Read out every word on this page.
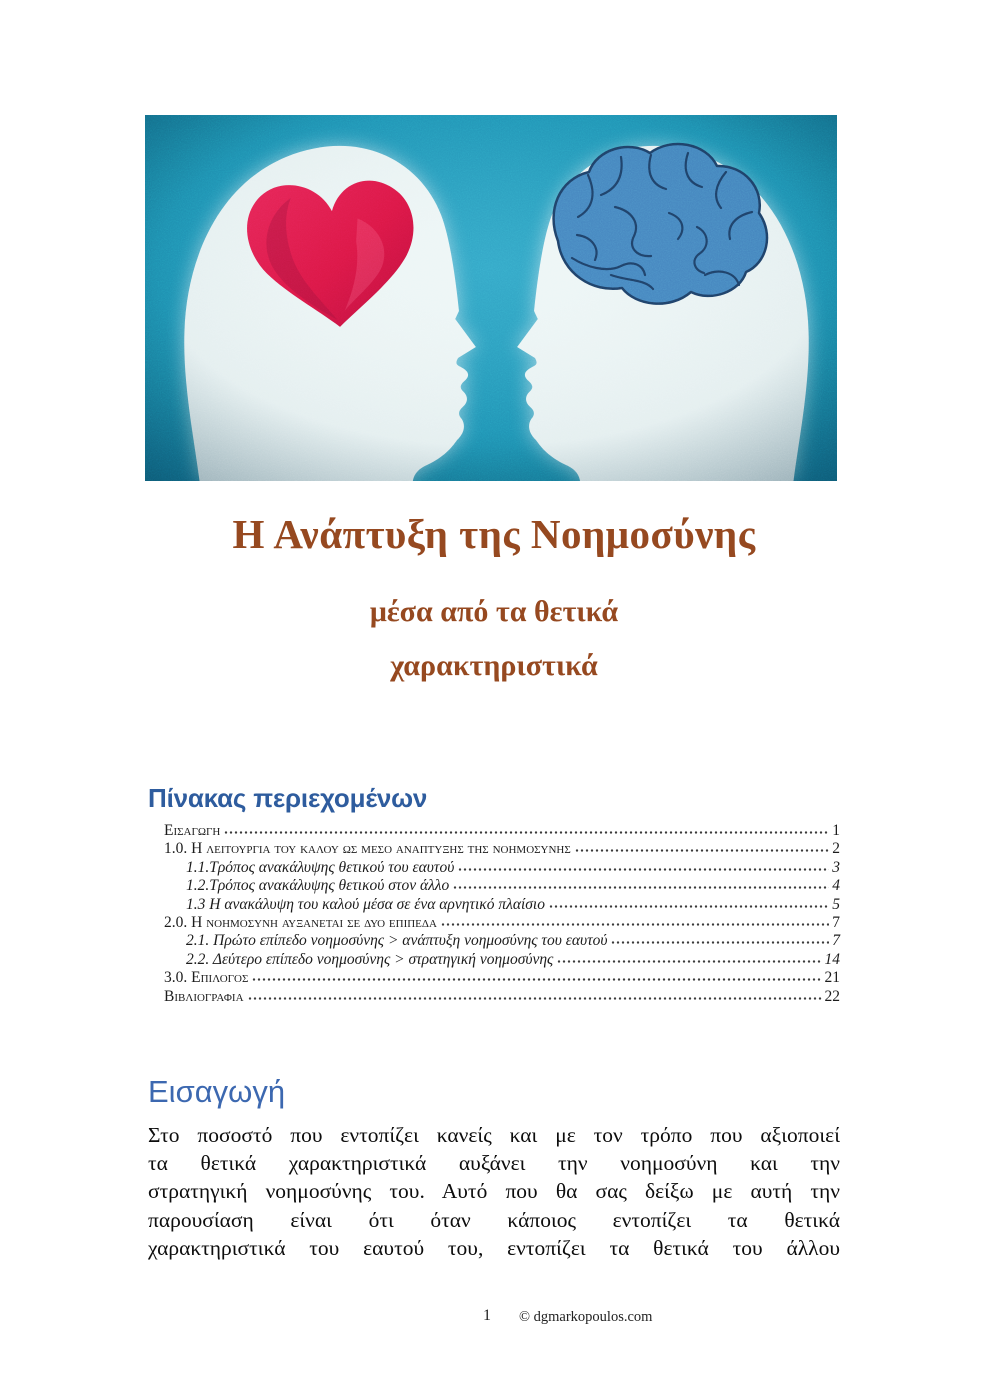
Η Ανάπτυξη της Νοημοσύνης
μέσα από τα θετικά
χαρακτηριστικά
Πίνακας περιεχομένων
Εισαγωγη	1
1.0. Η λειτουργια του καλου ως μεσο αναπτυξης της νοημοσυνης	2
1.1.Τρόπος ανακάλυψης θετικού του εαυτού	3
1.2.Τρόπος ανακάλυψης θετικού στον άλλο	4
1.3 Η ανακάλυψη του καλού μέσα σε ένα αρνητικό πλαίσιο	5
2.0. Η νοημοσυνη αυξανεται σε δυο επιπεδα	7
2.1. Πρώτο επίπεδο νοημοσύνης > ανάπτυξη νοημοσύνης του εαυτού	7
2.2. Δεύτερο επίπεδο νοημοσύνης > στρατηγική νοημοσύνης	14
3.0. Επιλογος	21
Βιβλιογραφια	22
Εισαγωγή
Στο ποσοστό που εντοπίζει κανείς και με τον τρόπο που αξιοποιεί
τα θετικά χαρακτηριστικά αυξάνει την νοημοσύνη και την
στρατηγική νοημοσύνης του. Αυτό που θα σας δείξω με αυτή την
παρουσίαση είναι ότι όταν κάποιος εντοπίζει τα θετικά
χαρακτηριστικά του εαυτού του, εντοπίζει τα θετικά του άλλου
1 © dgmarkopoulos.com
